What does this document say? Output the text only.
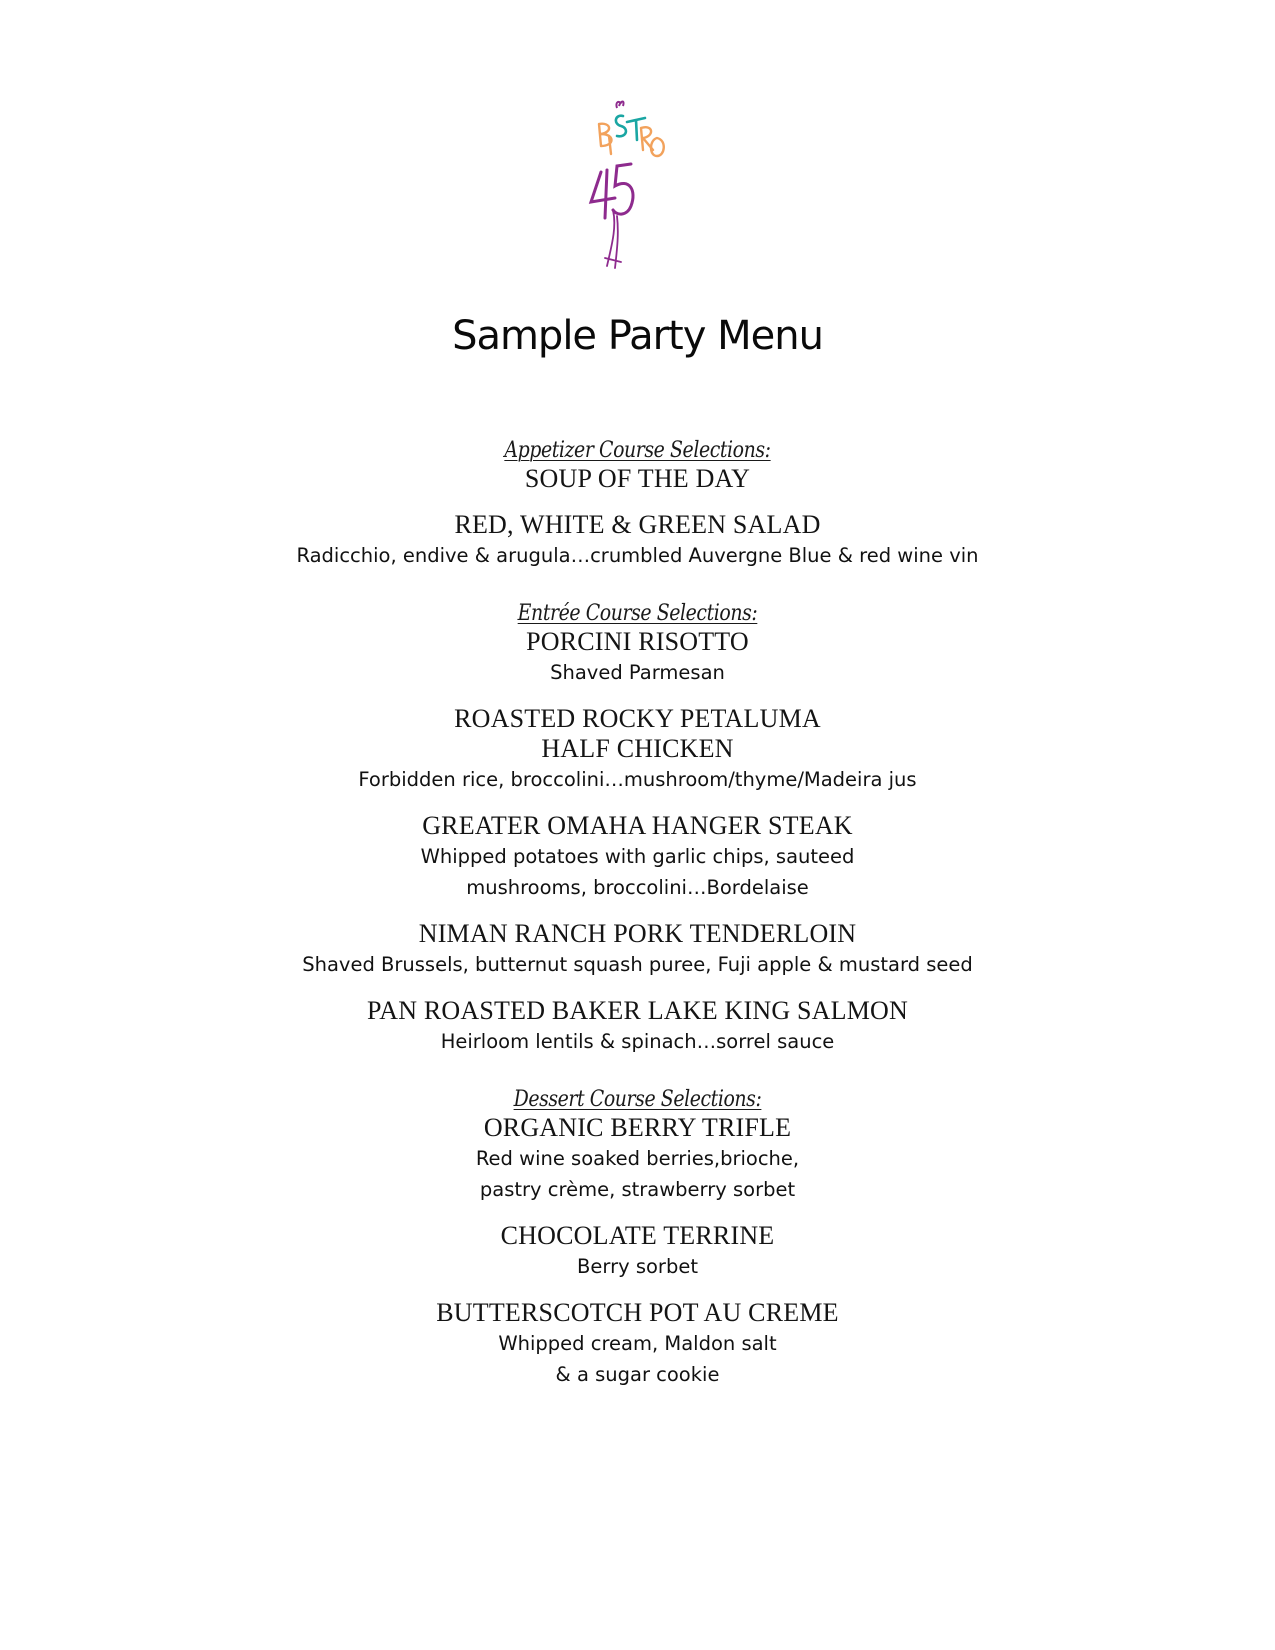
Sample Party Menu
Appetizer Course Selections:
SOUP OF THE DAY
RED, WHITE & GREEN SALAD
Radicchio, endive & arugula…crumbled Auvergne Blue & red wine vin
Entrée Course Selections:
PORCINI RISOTTO
Shaved Parmesan
ROASTED ROCKY PETALUMA
HALF CHICKEN
Forbidden rice, broccolini…mushroom/thyme/Madeira jus
GREATER OMAHA HANGER STEAK
Whipped potatoes with garlic chips, sauteed
mushrooms, broccolini…Bordelaise
NIMAN RANCH PORK TENDERLOIN
Shaved Brussels, butternut squash puree, Fuji apple & mustard seed
PAN ROASTED BAKER LAKE KING SALMON
Heirloom lentils & spinach…sorrel sauce
Dessert Course Selections:
ORGANIC BERRY TRIFLE
Red wine soaked berries,brioche,
pastry crème, strawberry sorbet
CHOCOLATE TERRINE
Berry sorbet
BUTTERSCOTCH POT AU CREME
Whipped cream, Maldon salt
& a sugar cookie
